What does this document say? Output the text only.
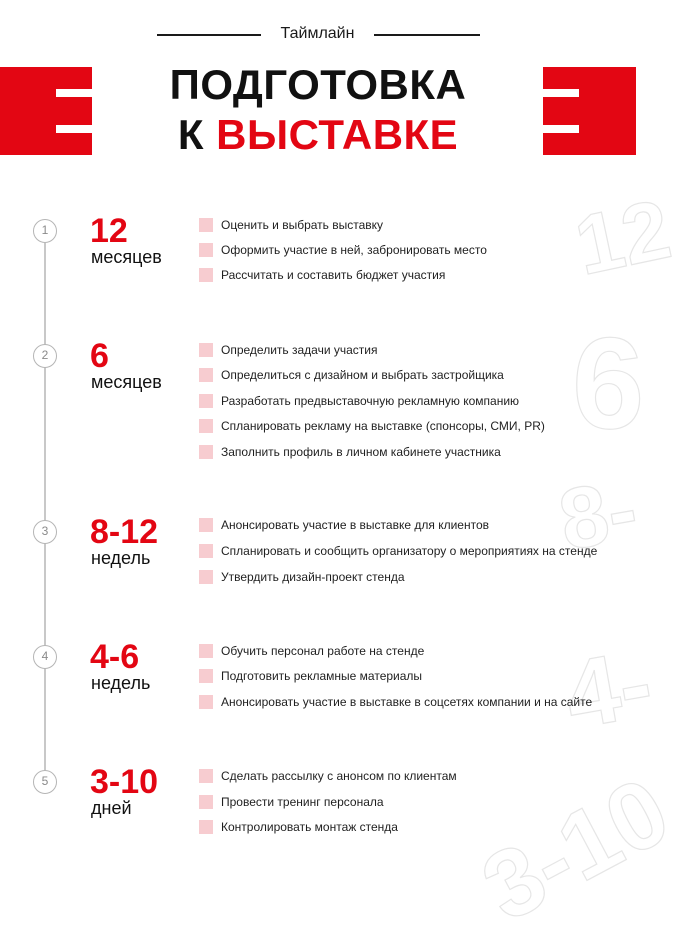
Таймлайн
ПОДГОТОВКА
К ВЫСТАВКЕ
12
6
8-
4-
3-10
1 12
месяцев
Оценить и выбрать выставку
Оформить участие в ней, забронировать место
Рассчитать и составить бюджет участия
2 6
месяцев
Определить задачи участия
Определиться с дизайном и выбрать застройщика
Разработать предвыставочную рекламную компанию
Спланировать рекламу на выставке (спонсоры, СМИ, PR)
Заполнить профиль в личном кабинете участника
3 8-12
недель
Анонсировать участие в выставке для клиентов
Спланировать и сообщить организатору о мероприятиях на стенде
Утвердить дизайн-проект стенда
4 4-6
недель
Обучить персонал работе на стенде
Подготовить рекламные материалы
Анонсировать участие в выставке в соцсетях компании и на сайте
5 3-10
дней
Сделать рассылку с анонсом по клиентам
Провести тренинг персонала
Контролировать монтаж стенда
